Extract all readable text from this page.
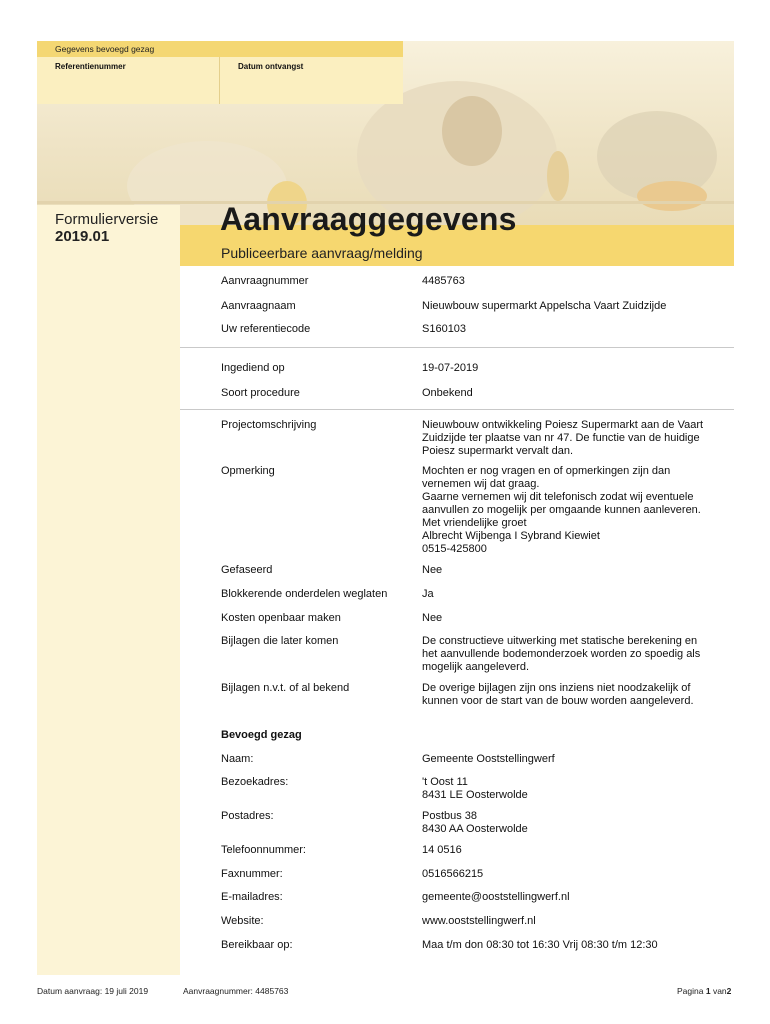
Gegevens bevoegd gezag
Referentienummer	Datum ontvangst
Formulierversie
2019.01	Aanvraaggegevens
Publiceerbare aanvraag/melding
Aanvraagnummer	4485763
Aanvraagnaam	Nieuwbouw supermarkt Appelscha Vaart Zuidzijde
Uw referentiecode	S160103
Ingediend op	19-07-2019
Soort procedure	Onbekend
Projectomschrijving	Nieuwbouw ontwikkeling Poiesz Supermarkt aan de Vaart
Zuidzijde ter plaatse van nr 47. De functie van de huidige
Poiesz supermarkt vervalt dan.
Opmerking	Mochten er nog vragen en of opmerkingen zijn dan
vernemen wij dat graag.
Gaarne vernemen wij dit telefonisch zodat wij eventuele
aanvullen zo mogelijk per omgaande kunnen aanleveren.
Met vriendelijke groet
Albrecht Wijbenga I Sybrand Kiewiet
0515-425800
Gefaseerd	Nee
Blokkerende onderdelen weglaten	Ja
Kosten openbaar maken	Nee
Bijlagen die later komen	De constructieve uitwerking met statische berekening en
het aanvullende bodemonderzoek worden zo spoedig als
mogelijk aangeleverd.
Bijlagen n.v.t. of al bekend	De overige bijlagen zijn ons inziens niet noodzakelijk of
kunnen voor de start van de bouw worden aangeleverd.
Bevoegd gezag
Naam:	Gemeente Ooststellingwerf
Bezoekadres:	't Oost 11
8431 LE Oosterwolde
Postadres:	Postbus 38
8430 AA Oosterwolde
Telefoonnummer:	14 0516
Faxnummer:	0516566215
E-mailadres:	gemeente@ooststellingwerf.nl
Website:	www.ooststellingwerf.nl
Bereikbaar op:	Maa t/m don 08:30 tot 16:30 Vrij 08:30 t/m 12:30
Datum aanvraag: 19 juli 2019	Aanvraagnummer: 4485763	Pagina 1 van2
